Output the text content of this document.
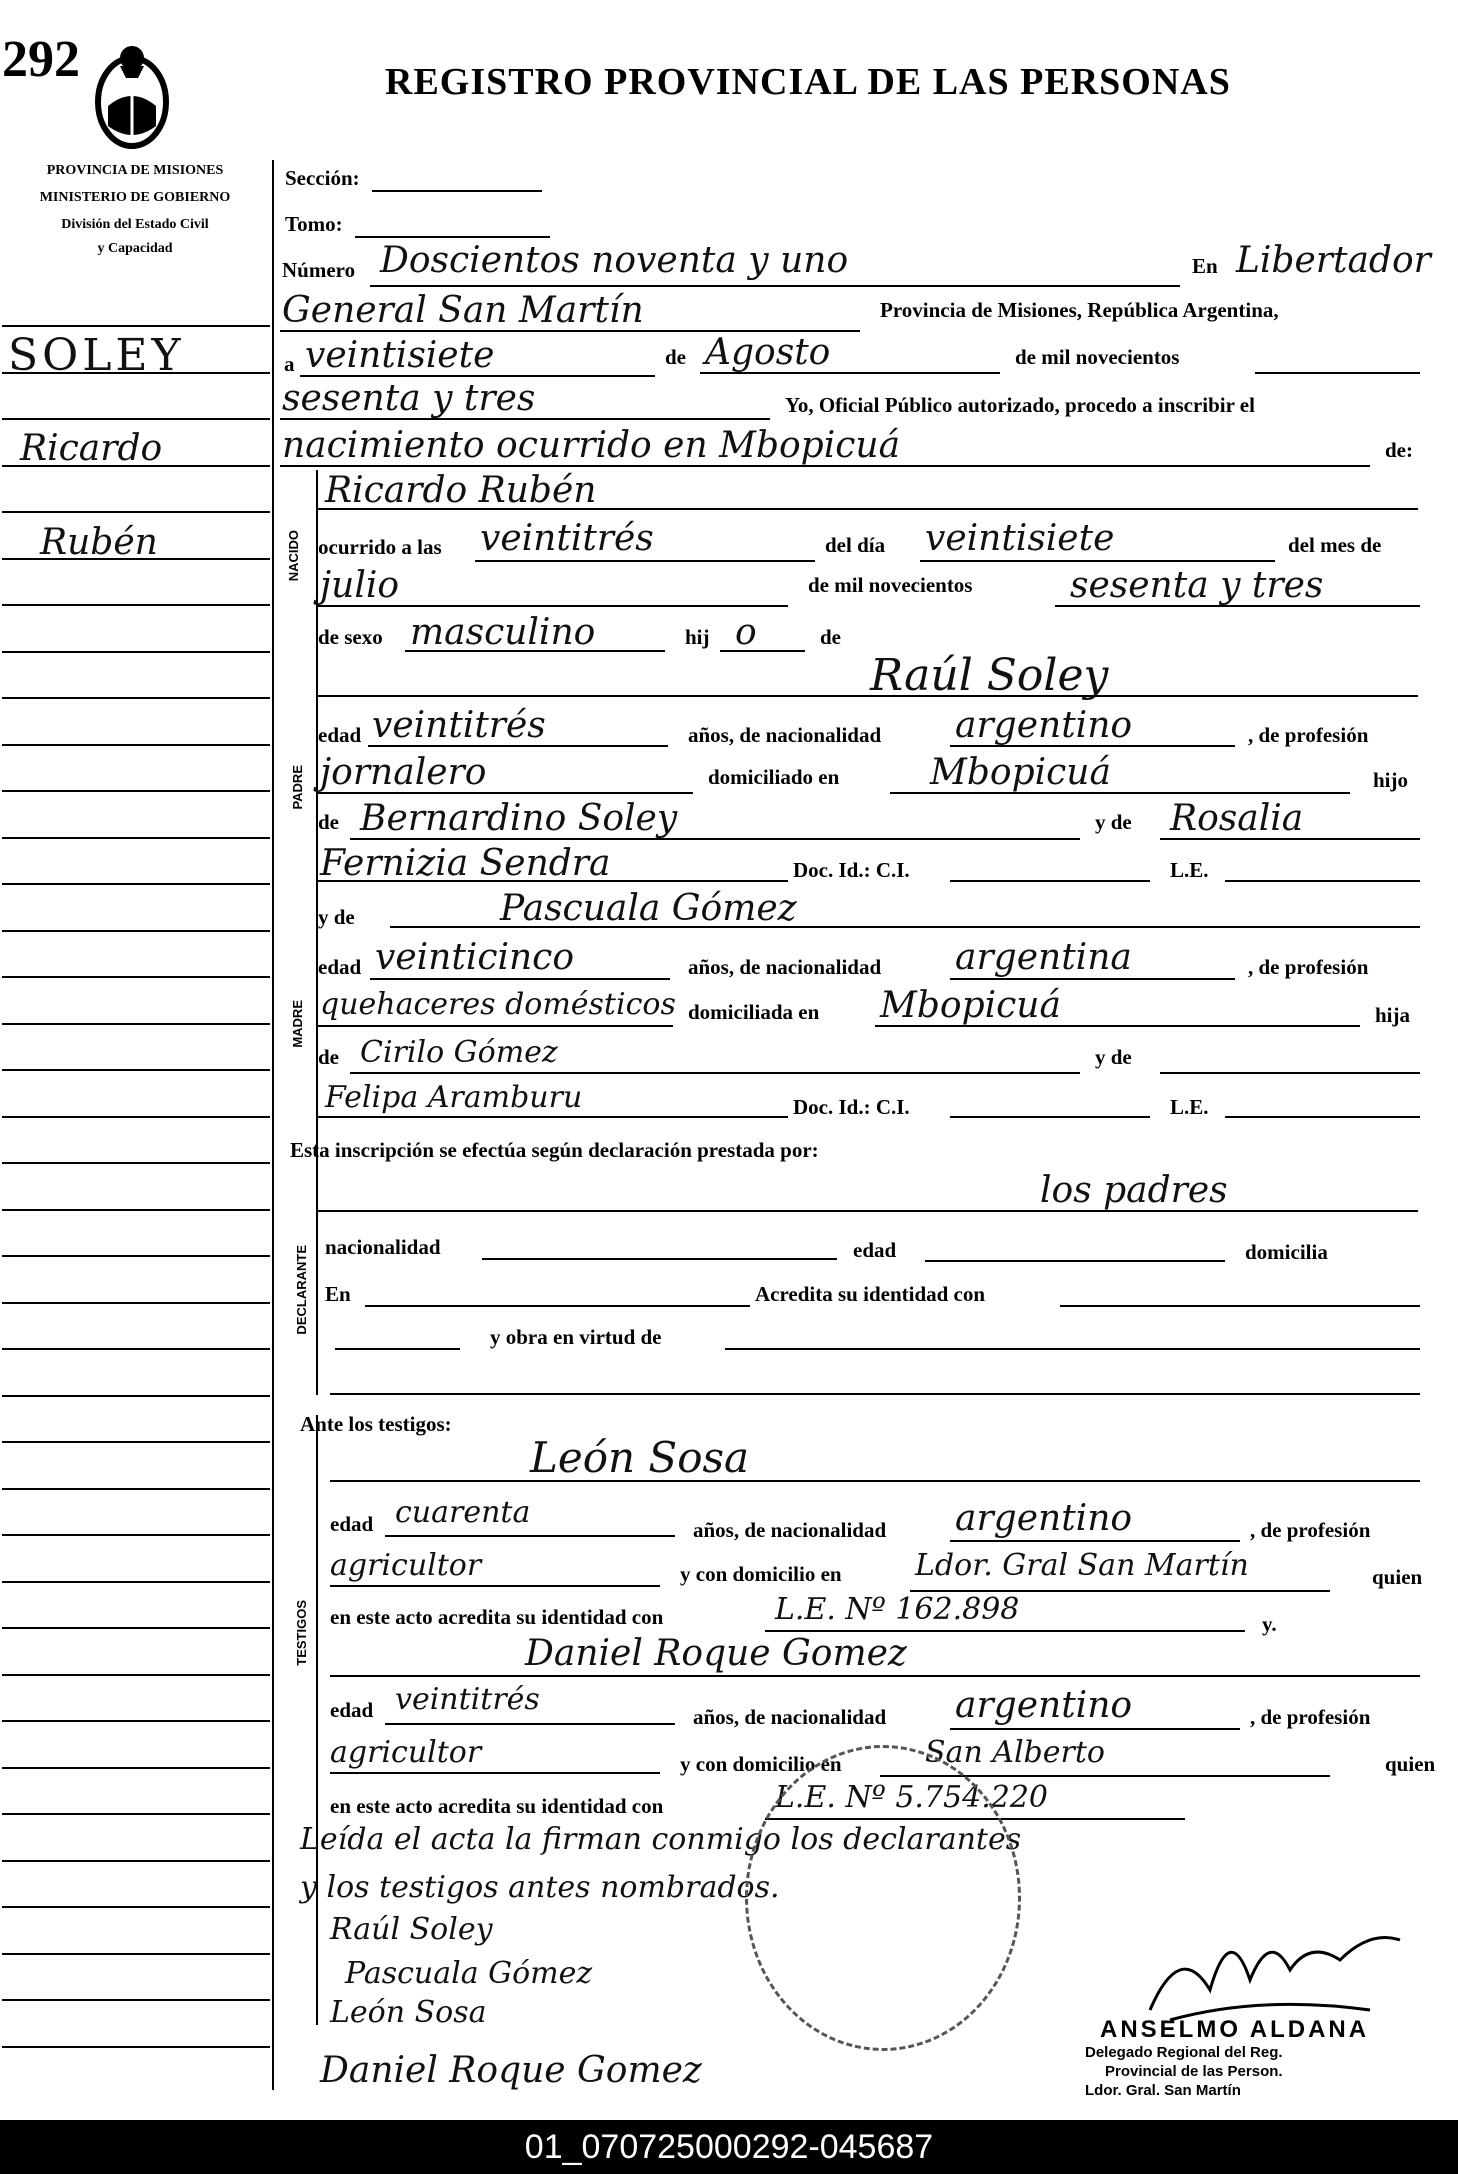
292	REGISTRO PROVINCIAL DE LAS PERSONAS
PROVINCIA DE MISIONES
MINISTERIO DE GOBIERNO
División del Estado Civil
y Capacidad
SOLEY
Ricardo
Rubén
Sección:
Tomo:
Número Doscientos noventa y uno	En Libertador
General San Martín	Provincia de Misiones, República Argentina,
a veintisiete	de Agosto	de mil novecientos
sesenta y tres	Yo, Oficial Público autorizado, procedo a inscribir el
nacimiento ocurrido en Mbopicuá	de:
NACIDO
Ricardo Rubén
ocurrido a las veintitrés	del día veintisiete	del mes de
julio	de mil novecientos	sesenta y tres
de sexo masculino	hij o	de
PADRE
Raúl Soley
edad veintitrés	años, de nacionalidad argentino	, de profesión
jornalero	domiciliado en	Mbopicuá	hijo
de Bernardino Soley	y de Rosalia
Fernizia Sendra	Doc. Id.: C.I.	L.E.
MADRE
y de	Pascuala Gómez
edad veinticinco	años, de nacionalidad argentina	, de profesión
quehaceres domésticos domiciliada en Mbopicuá	hija
de Cirilo Gómez	y de
Felipa Aramburu	Doc. Id.: C.I.	L.E.
Esta inscripción se efectúa según declaración prestada por:
DECLARANTE
los padres
nacionalidad	edad	domicilia
En	Acredita su identidad con
y obra en virtud de
Ante los testigos:
TESTIGOS
León Sosa
edad cuarenta	años, de nacionalidad argentino	, de profesión
agricultor	y con domicilio en Ldor. Gral San Martín	quien
en este acto acredita su identidad con	L.E. Nº 162.898	y.
Daniel Roque Gomez
edad veintitrés	años, de nacionalidad argentino	, de profesión
agricultor	y con domicilio en	San Alberto	quien
en este acto acredita su identidad con	L.E. Nº 5.754.220
Leída el acta la firman conmigo los declarantes
y los testigos antes nombrados.
Raúl Soley
Pascuala Gómez
León Sosa
Daniel Roque Gomez
ANSELMO ALDANA
Delegado Regional del Reg.
Provincial de las Person.
Ldor. Gral. San Martín
01_070725000292-045687
